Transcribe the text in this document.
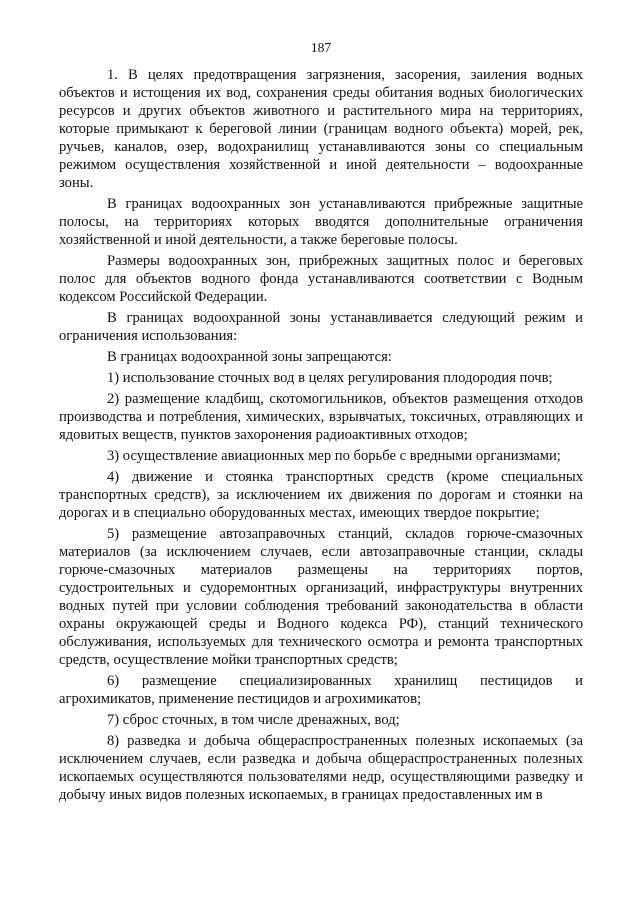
187

1. В целях предотвращения загрязнения, засорения, заиления водных объектов и истощения их вод, сохранения среды обитания водных биологических ресурсов и других объектов животного и растительного мира на территориях, которые примыкают к береговой линии (границам водного объекта) морей, рек, ручьев, каналов, озер, водохранилищ устанавливаются зоны со специальным режимом осуществления хозяйственной и иной деятельности – водоохранные зоны.

В границах водоохранных зон устанавливаются прибрежные защитные полосы, на территориях которых вводятся дополнительные ограничения хозяйственной и иной деятельности, а также береговые полосы.

Размеры водоохранных зон, прибрежных защитных полос и береговых полос для объектов водного фонда устанавливаются соответствии с Водным кодексом Российской Федерации.

В границах водоохранной зоны устанавливается следующий режим и ограничения использования:

В границах водоохранной зоны запрещаются:

1) использование сточных вод в целях регулирования плодородия почв;

2) размещение кладбищ, скотомогильников, объектов размещения отходов производства и потребления, химических, взрывчатых, токсичных, отравляющих и ядовитых веществ, пунктов захоронения радиоактивных отходов;

3) осуществление авиационных мер по борьбе с вредными организмами;

4) движение и стоянка транспортных средств (кроме специальных транспортных средств), за исключением их движения по дорогам и стоянки на дорогах и в специально оборудованных местах, имеющих твердое покрытие;

5) размещение автозаправочных станций, складов горюче-смазочных материалов (за исключением случаев, если автозаправочные станции, склады горюче-смазочных материалов размещены на территориях портов, судостроительных и судоремонтных организаций, инфраструктуры внутренних водных путей при условии соблюдения требований законодательства в области охраны окружающей среды и Водного кодекса РФ), станций технического обслуживания, используемых для технического осмотра и ремонта транспортных средств, осуществление мойки транспортных средств;

6) размещение специализированных хранилищ пестицидов и агрохимикатов, применение пестицидов и агрохимикатов;

7) сброс сточных, в том числе дренажных, вод;

8) разведка и добыча общераспространенных полезных ископаемых (за исключением случаев, если разведка и добыча общераспространенных полезных ископаемых осуществляются пользователями недр, осуществляющими разведку и добычу иных видов полезных ископаемых, в границах предоставленных им в
